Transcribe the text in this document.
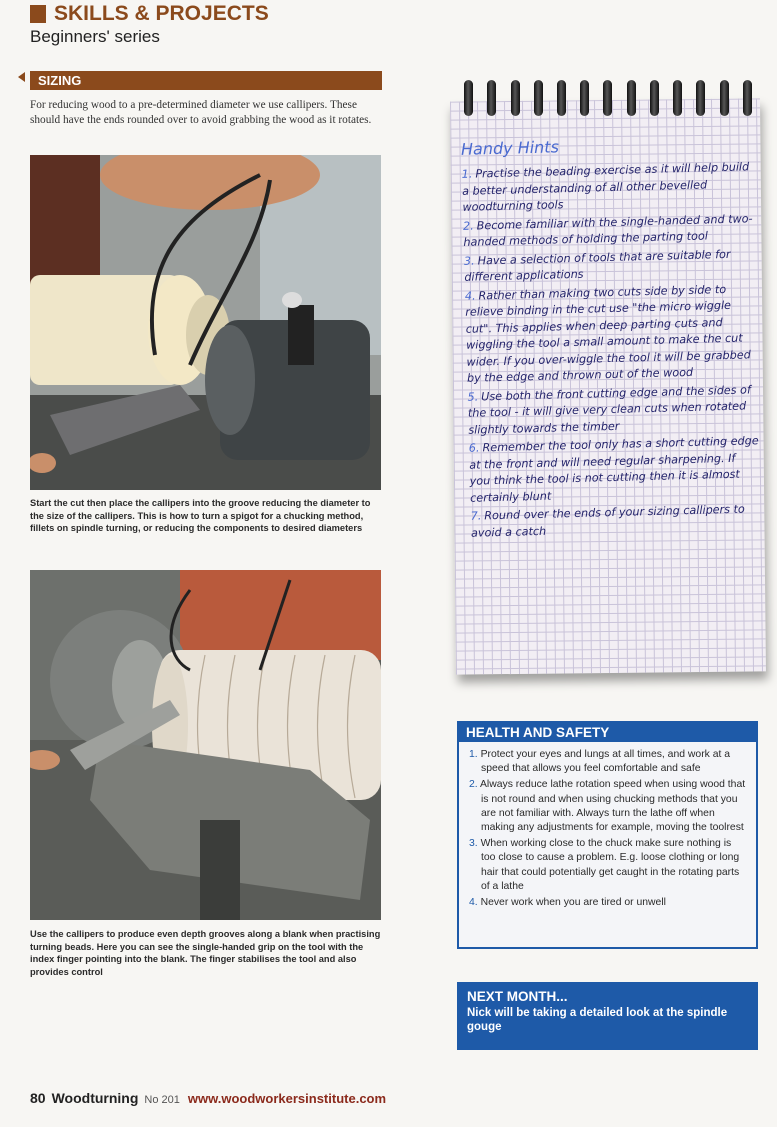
SKILLS & PROJECTS
Beginners' series
SIZING
For reducing wood to a pre-determined diameter we use callipers. These should have the ends rounded over to avoid grabbing the wood as it rotates.
Start the cut then place the callipers into the groove reducing the diameter to the size of the callipers. This is how to turn a spigot for a chucking method, fillets on spindle turning, or reducing the components to desired diameters
Use the callipers to produce even depth grooves along a blank when practising turning beads. Here you can see the single-handed grip on the tool with the index finger pointing into the blank. The finger stabilises the tool and also provides control
Handy Hints
1. Practise the beading exercise as it will help build a better understanding of all other bevelled woodturning tools
2. Become familiar with the single-handed and two-handed methods of holding the parting tool
3. Have a selection of tools that are suitable for different applications
4. Rather than making two cuts side by side to relieve binding in the cut use "the micro wiggle cut". This applies when deep parting cuts and wiggling the tool a small amount to make the cut wider. If you over-wiggle the tool it will be grabbed by the edge and thrown out of the wood
5. Use both the front cutting edge and the sides of the tool - it will give very clean cuts when rotated slightly towards the timber
6. Remember the tool only has a short cutting edge at the front and will need regular sharpening. If you think the tool is not cutting then it is almost certainly blunt
7. Round over the ends of your sizing callipers to avoid a catch
HEALTH AND SAFETY
1. Protect your eyes and lungs at all times, and work at a speed that allows you feel comfortable and safe
2. Always reduce lathe rotation speed when using wood that is not round and when using chucking methods that you are not familiar with. Always turn the lathe off when making any adjustments for example, moving the toolrest
3. When working close to the chuck make sure nothing is too close to cause a problem. E.g. loose clothing or long hair that could potentially get caught in the rotating parts of a lathe
4. Never work when you are tired or unwell
NEXT MONTH...
Nick will be taking a detailed look at the spindle gouge
80 Woodturning No 201 www.woodworkersinstitute.com
